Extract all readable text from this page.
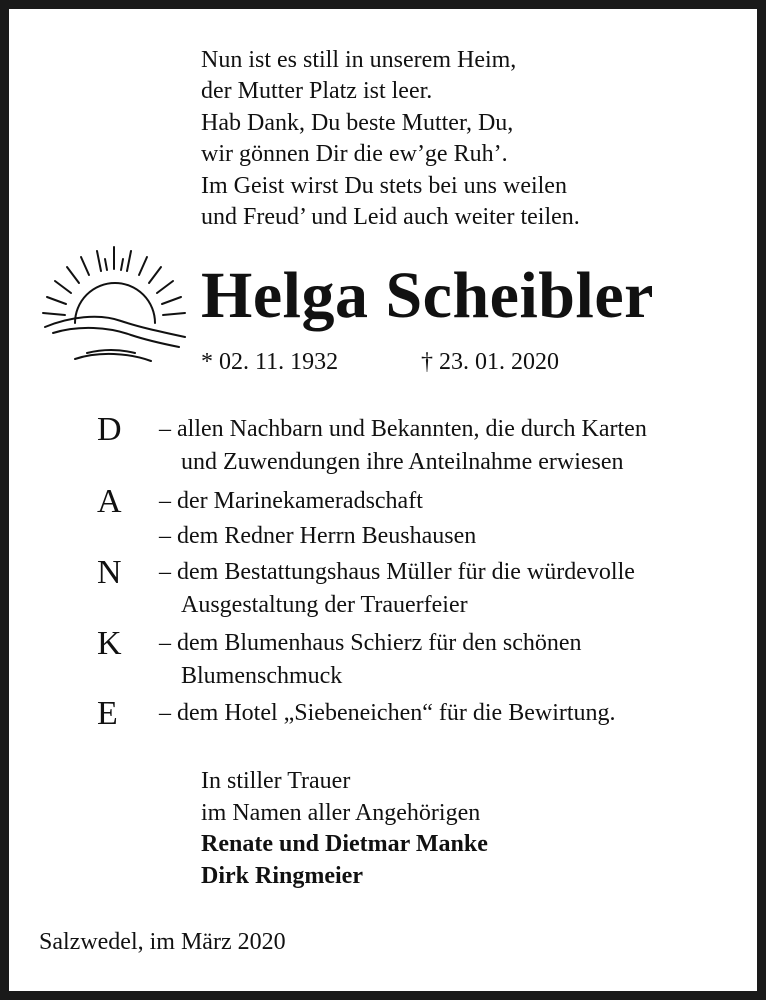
Nun ist es still in unserem Heim,
der Mutter Platz ist leer.
Hab Dank, Du beste Mutter, Du,
wir gönnen Dir die ew’ge Ruh’.
Im Geist wirst Du stets bei uns weilen
und Freud’ und Leid auch weiter teilen.
Helga Scheibler
* 02. 11. 1932	† 23. 01. 2020
D – allen Nachbarn und Bekannten, die durch Karten
und Zuwendungen ihre Anteilnahme erwiesen
A – der Marinekameradschaft
– dem Redner Herrn Beushausen
N – dem Bestattungshaus Müller für die würdevolle
Ausgestaltung der Trauerfeier
K – dem Blumenhaus Schierz für den schönen
Blumenschmuck
E – dem Hotel „Siebeneichen“ für die Bewirtung.
In stiller Trauer
im Namen aller Angehörigen
Renate und Dietmar Manke
Dirk Ringmeier
Salzwedel, im März 2020
